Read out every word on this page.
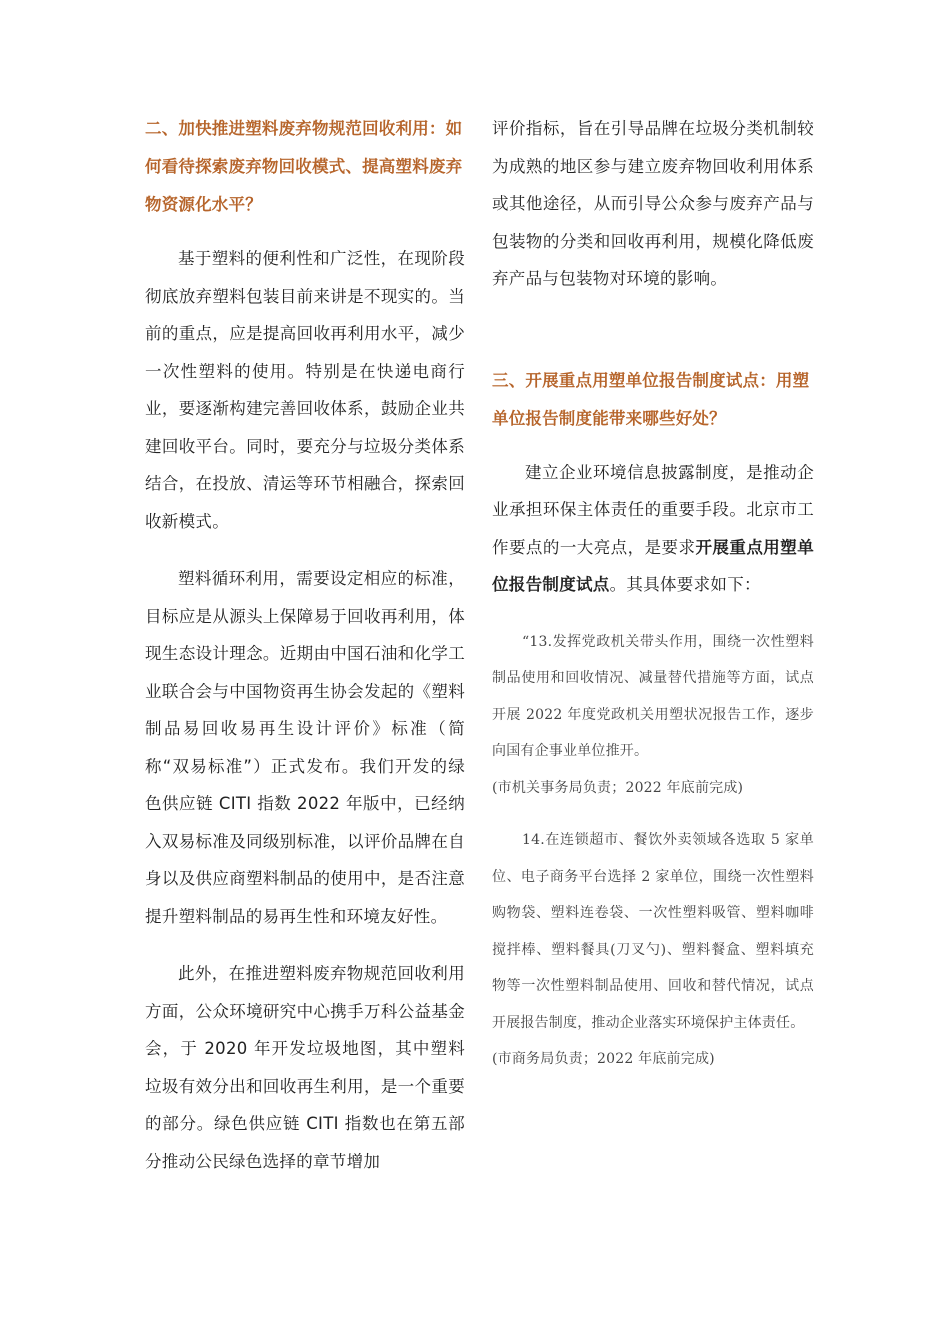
二、加快推进塑料废弃物规范回收利用：如何看待探索废弃物回收模式、提高塑料废弃物资源化水平？

基于塑料的便利性和广泛性，在现阶段彻底放弃塑料包装目前来讲是不现实的。当前的重点，应是提高回收再利用水平，减少一次性塑料的使用。特别是在快递电商行业，要逐渐构建完善回收体系，鼓励企业共建回收平台。同时，要充分与垃圾分类体系结合，在投放、清运等环节相融合，探索回收新模式。

塑料循环利用，需要设定相应的标准，目标应是从源头上保障易于回收再利用，体现生态设计理念。近期由中国石油和化学工业联合会与中国物资再生协会发起的《塑料制品易回收易再生设计评价》标准（简称“双易标准”）正式发布。我们开发的绿色供应链 CITI 指数 2022 年版中，已经纳入双易标准及同级别标准，以评价品牌在自身以及供应商塑料制品的使用中，是否注意提升塑料制品的易再生性和环境友好性。

此外，在推进塑料废弃物规范回收利用方面，公众环境研究中心携手万科公益基金会，于 2020 年开发垃圾地图，其中塑料垃圾有效分出和回收再生利用，是一个重要的部分。绿色供应链 CITI 指数也在第五部分推动公民绿色选择的章节增加

评价指标，旨在引导品牌在垃圾分类机制较为成熟的地区参与建立废弃物回收利用体系或其他途径，从而引导公众参与废弃产品与包装物的分类和回收再利用，规模化降低废弃产品与包装物对环境的影响。

三、开展重点用塑单位报告制度试点：用塑单位报告制度能带来哪些好处？

建立企业环境信息披露制度，是推动企业承担环保主体责任的重要手段。北京市工作要点的一大亮点，是要求开展重点用塑单位报告制度试点。其具体要求如下：

“13.发挥党政机关带头作用，围绕一次性塑料制品使用和回收情况、减量替代措施等方面，试点开展 2022 年度党政机关用塑状况报告工作，逐步向国有企事业单位推开。

(市机关事务局负责；2022 年底前完成)

14.在连锁超市、餐饮外卖领域各选取 5 家单位、电子商务平台选择 2 家单位，围绕一次性塑料购物袋、塑料连卷袋、一次性塑料吸管、塑料咖啡搅拌棒、塑料餐具(刀叉勺)、塑料餐盒、塑料填充物等一次性塑料制品使用、回收和替代情况，试点开展报告制度，推动企业落实环境保护主体责任。

(市商务局负责；2022 年底前完成)
